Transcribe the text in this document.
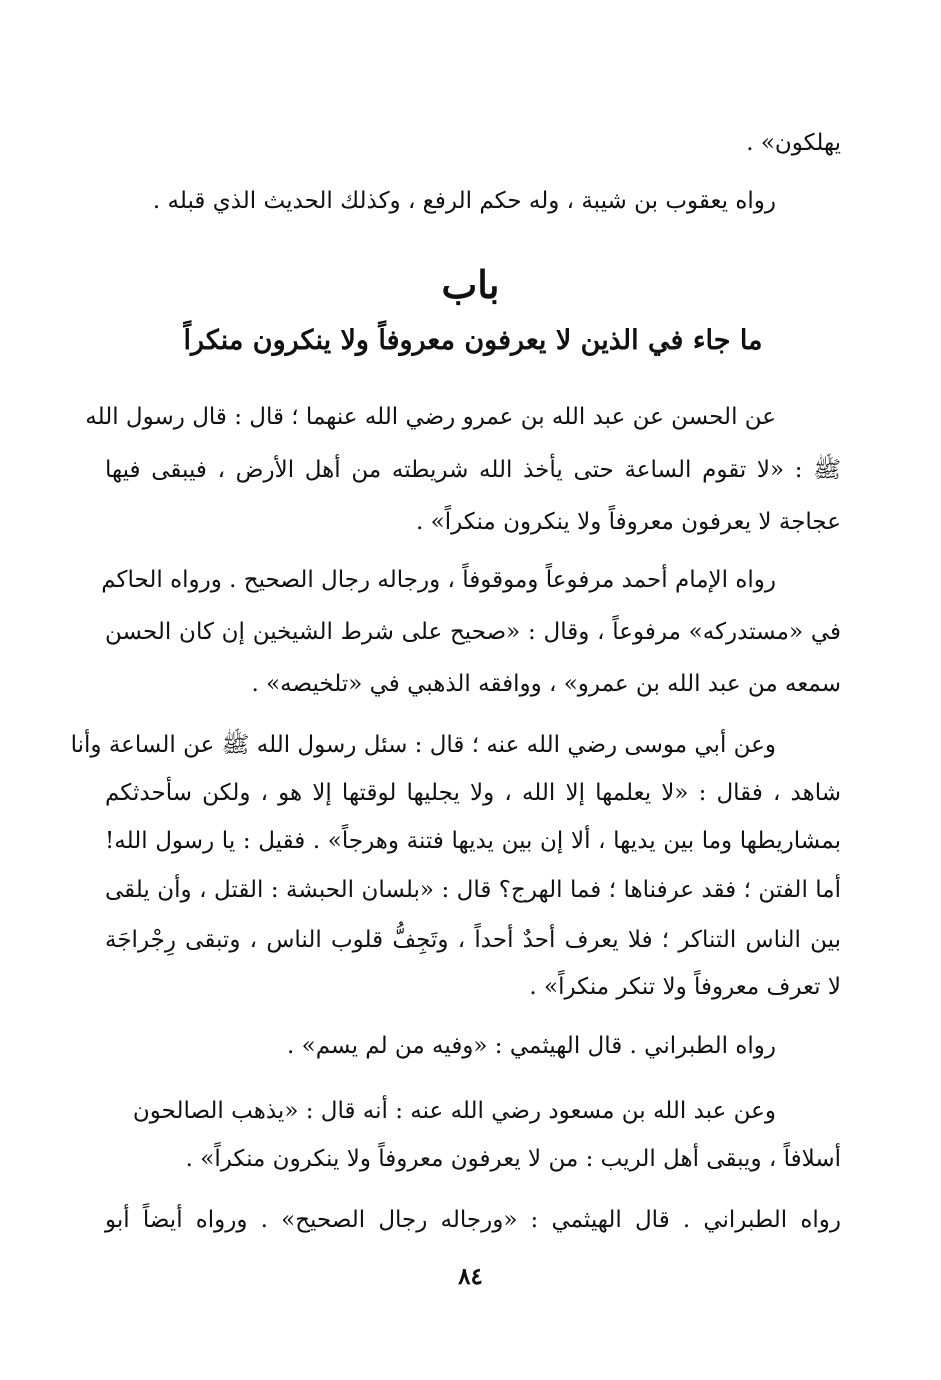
يهلكون» .
رواه يعقوب بن شيبة ، وله حكم الرفع ، وكذلك الحديث الذي قبله .
باب
ما جاء في الذين لا يعرفون معروفاً ولا ينكرون منكراً
عن الحسن عن عبد الله بن عمرو رضي الله عنهما ؛ قال : قال رسول الله
ﷺ : «لا تقوم الساعة حتى يأخذ الله شريطته من أهل الأرض ، فيبقى فيها
عجاجة لا يعرفون معروفاً ولا ينكرون منكراً» .
رواه الإمام أحمد مرفوعاً وموقوفاً ، ورجاله رجال الصحيح . ورواه الحاكم
في «مستدركه» مرفوعاً ، وقال : «صحيح على شرط الشيخين إن كان الحسن
سمعه من عبد الله بن عمرو» ، ووافقه الذهبي في «تلخيصه» .
وعن أبي موسى رضي الله عنه ؛ قال : سئل رسول الله ﷺ عن الساعة وأنا
شاهد ، فقال : «لا يعلمها إلا الله ، ولا يجليها لوقتها إلا هو ، ولكن سأحدثكم
بمشاريطها وما بين يديها ، ألا إن بين يديها فتنة وهرجاً» . فقيل : يا رسول الله!
أما الفتن ؛ فقد عرفناها ؛ فما الهرج؟ قال : «بلسان الحبشة : القتل ، وأن يلقى
بين الناس التناكر ؛ فلا يعرف أحدٌ أحداً ، وتَجِفُّ قلوب الناس ، وتبقى رِجْراجَة
لا تعرف معروفاً ولا تنكر منكراً» .
رواه الطبراني . قال الهيثمي : «وفيه من لم يسم» .
وعن عبد الله بن مسعود رضي الله عنه : أنه قال : «يذهب الصالحون
أسلافاً ، ويبقى أهل الريب : من لا يعرفون معروفاً ولا ينكرون منكراً» .
رواه الطبراني . قال الهيثمي : «ورجاله رجال الصحيح» . ورواه أيضاً أبو
٨٤
